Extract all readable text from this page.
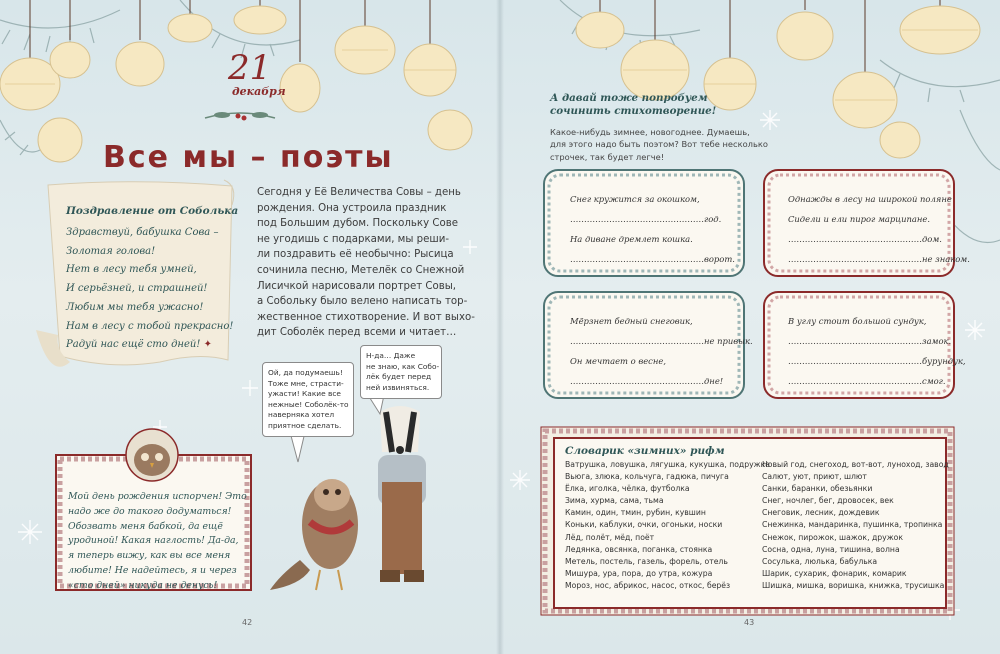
21
декабря
Все мы – поэты
Поздравление от Соболька
Здравствуй, бабушка Сова –
Золотая голова!
Нет в лесу тебя умней,
И серьёзней, и страшней!
Любим мы тебя ужасно!
Нам в лесу с тобой прекрасно!
Радуй нас ещё сто дней! ✦
Сегодня у Её Величества Совы – день
рождения. Она устроила праздник
под Большим дубом. Поскольку Сове
не угодишь с подарками, мы реши-
ли поздравить её необычно: Рысица
сочинила песню, Метелёк со Снежной
Лисичкой нарисовали портрет Совы,
а Собольку было велено написать тор-
жественное стихотворение. И вот выхо-
дит Соболёк перед всеми и читает…
Ой, да подумаешь!
Тоже мне, страсти-
ужасти! Какие все
нежные! Соболёк-то
наверняка хотел
приятное сделать.
Н-да… Даже
не знаю, как Собо-
лёк будет перед
ней извиняться.
Мой день рождения испорчен! Это
надо же до такого додуматься!
Обозвать меня бабкой, да ещё
уродиной! Какая наглость! Да-да,
я теперь вижу, как вы все меня
любите! Не надейтесь, я и через
«сто дней» никуда не денусь!
42
А давай тоже попробуем
сочинить стихотворение!
Какое-нибудь зимнее, новогоднее. Думаешь,
для этого надо быть поэтом? Вот тебе несколько
строчек, так будет легче!
Снег кружится за окошком,
…………………………………………год.
На диване дремлет кошка.
…………………………………………ворот.
Однажды в лесу на широкой поляне
Сидели и ели пирог марципане.
…………………………………………дом.
…………………………………………не знаком.
Мёрзнет бедный снеговик,
…………………………………………не привык.
Он мечтает о весне,
…………………………………………дне!
В углу стоит большой сундук,
…………………………………………замок.
…………………………………………бурундук,
…………………………………………смог.
Словарик «зимних» рифм
Ватрушка, ловушка, лягушка, кукушка, подружка
Вьюга, злюка, кольчуга, гадюка, пичуга
Ёлка, иголка, чёлка, футболка
Зима, хурма, сама, тьма
Камин, один, тмин, рубин, кувшин
Коньки, каблуки, очки, огоньки, носки
Лёд, полёт, мёд, поёт
Ледянка, овсянка, поганка, стоянка
Метель, постель, газель, форель, отель
Мишура, ура, пора, до утра, кожура
Мороз, нос, абрикос, насос, откос, берёз
Новый год, снегоход, вот-вот, луноход, завод
Салют, уют, приют, шлют
Санки, баранки, обезьянки
Снег, ночлег, бег, дровосек, век
Снеговик, лесник, дождевик
Снежинка, мандаринка, пушинка, тропинка
Снежок, пирожок, шажок, дружок
Сосна, одна, луна, тишина, волна
Сосулька, люлька, бабулька
Шарик, сухарик, фонарик, комарик
Шишка, мишка, воришка, книжка, трусишка
43
